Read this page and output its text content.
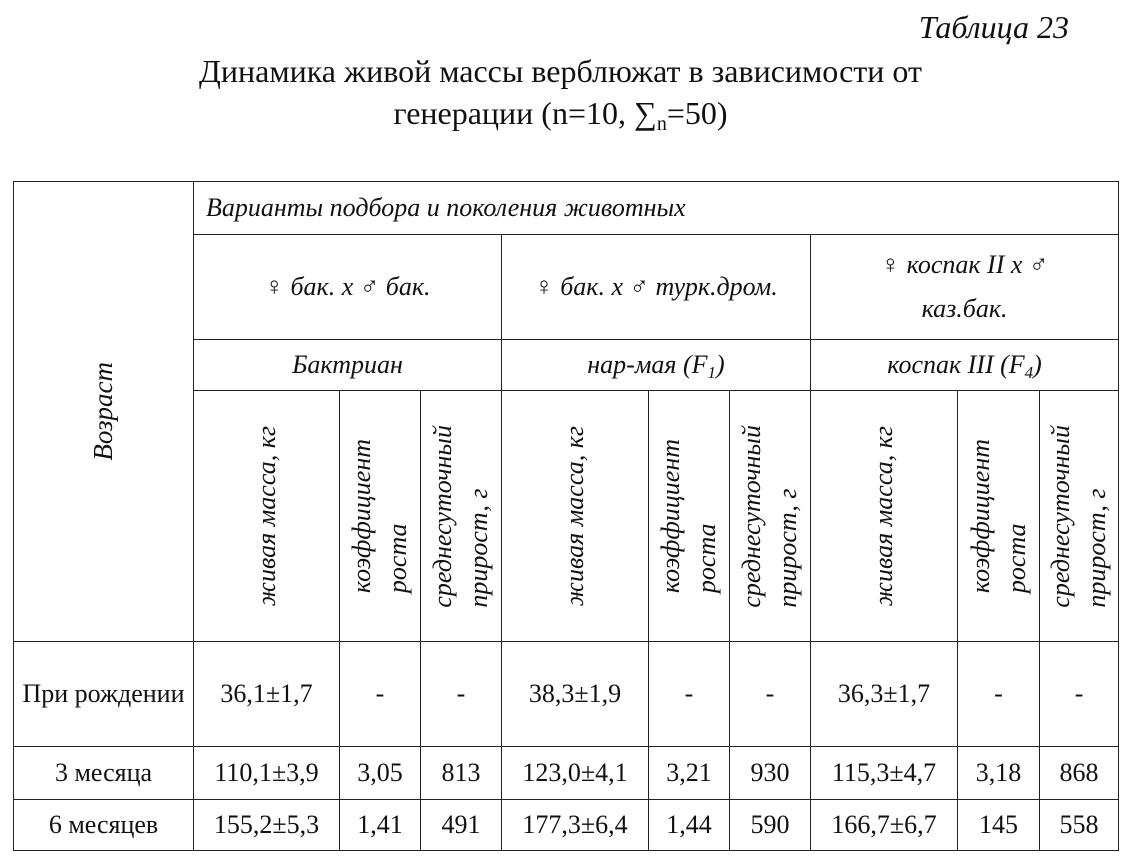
Таблица 23
Динамика живой массы верблюжат в зависимости от
генерации (n=10, $\sum_n=50$)
Возраст	Варианты подбора и поколения животных								

	♀ бак. х ♂ бак.			♀ бак. х ♂ турк.дром.			♀ коспак II х ♂
каз.бак.		

	Бактриан			нар-мая $(F_1)$			коспак III $(F_4)$		

	живая масса, кг	коэффициент роста	среднесуточный прирост, г	живая масса, кг	коэффициент роста	среднесуточный прирост, г	живая масса, кг	коэффициент роста	среднесуточный прирост, г

При рождении	36,1±1,7	-	-	38,3±1,9	-	-	36,3±1,7	-	-
3 месяца	110,1±3,9	3,05	813	123,0±4,1	3,21	930	115,3±4,7	3,18	868
6 месяцев	155,2±5,3	1,41	491	177,3±6,4	1,44	590	166,7±6,7	145	558
